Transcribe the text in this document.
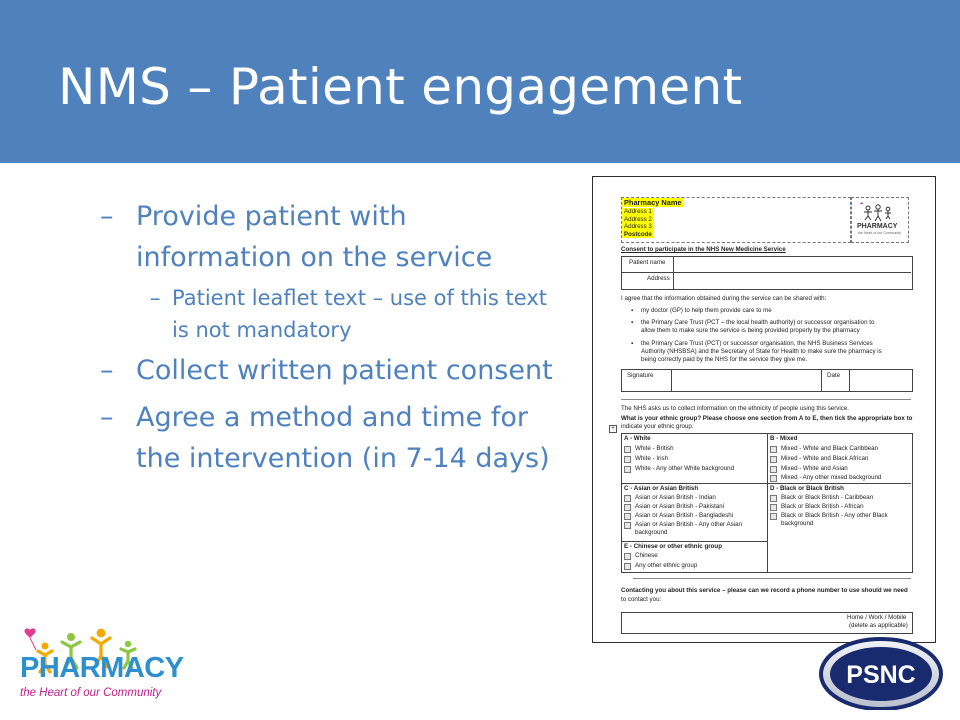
NMS – Patient engagement
– Provide patient with information on the service
– Patient leaflet text – use of this text is not mandatory
– Collect written patient consent
– Agree a method and time for the intervention (in 7-14 days)
Pharmacy Name
Address 1
Address 2
Address 3
Postcode
PHARMACY
the Heart of our Community
Consent to participate in the NHS New Medicine Service
Patient name
Address
I agree that the information obtained during the service can be shared with:
▪ my doctor (GP) to help them provide care to me
▪ the Primary Care Trust (PCT – the local health authority) or successor organisation to
allow them to make sure the service is being provided properly by the pharmacy
▪ the Primary Care Trust (PCT) or successor organisation, the NHS Business Services
Authority (NHSBSA) and the Secretary of State for Health to make sure the pharmacy is
being correctly paid by the NHS for the service they give me.
Signature	Date
The NHS asks us to collect information on the ethnicity of people using this service.
What is your ethnic group? Please choose one section from A to E, then tick the appropriate box to
indicate your ethnic group.
+
A - White
White - British
White - Irish
White - Any other White background
B - Mixed
Mixed - White and Black Caribbean
Mixed - White and Black African
Mixed - White and Asian
Mixed - Any other mixed background
C - Asian or Asian British
Asian or Asian British - Indian
Asian or Asian British - Pakistani
Asian or Asian British - Bangladeshi
Asian or Asian British - Any other Asian
background
D - Black or Black British
Black or Black British - Caribbean
Black or Black British - African
Black or Black British - Any other Black
background
E - Chinese or other ethnic group
Chinese
Any other ethnic group
Contacting you about this service – please can we record a phone number to use should we need
to contact you:
Home / Work / Mobile
(delete as applicable)
PHARMACY
the Heart of our Community
PSNC
